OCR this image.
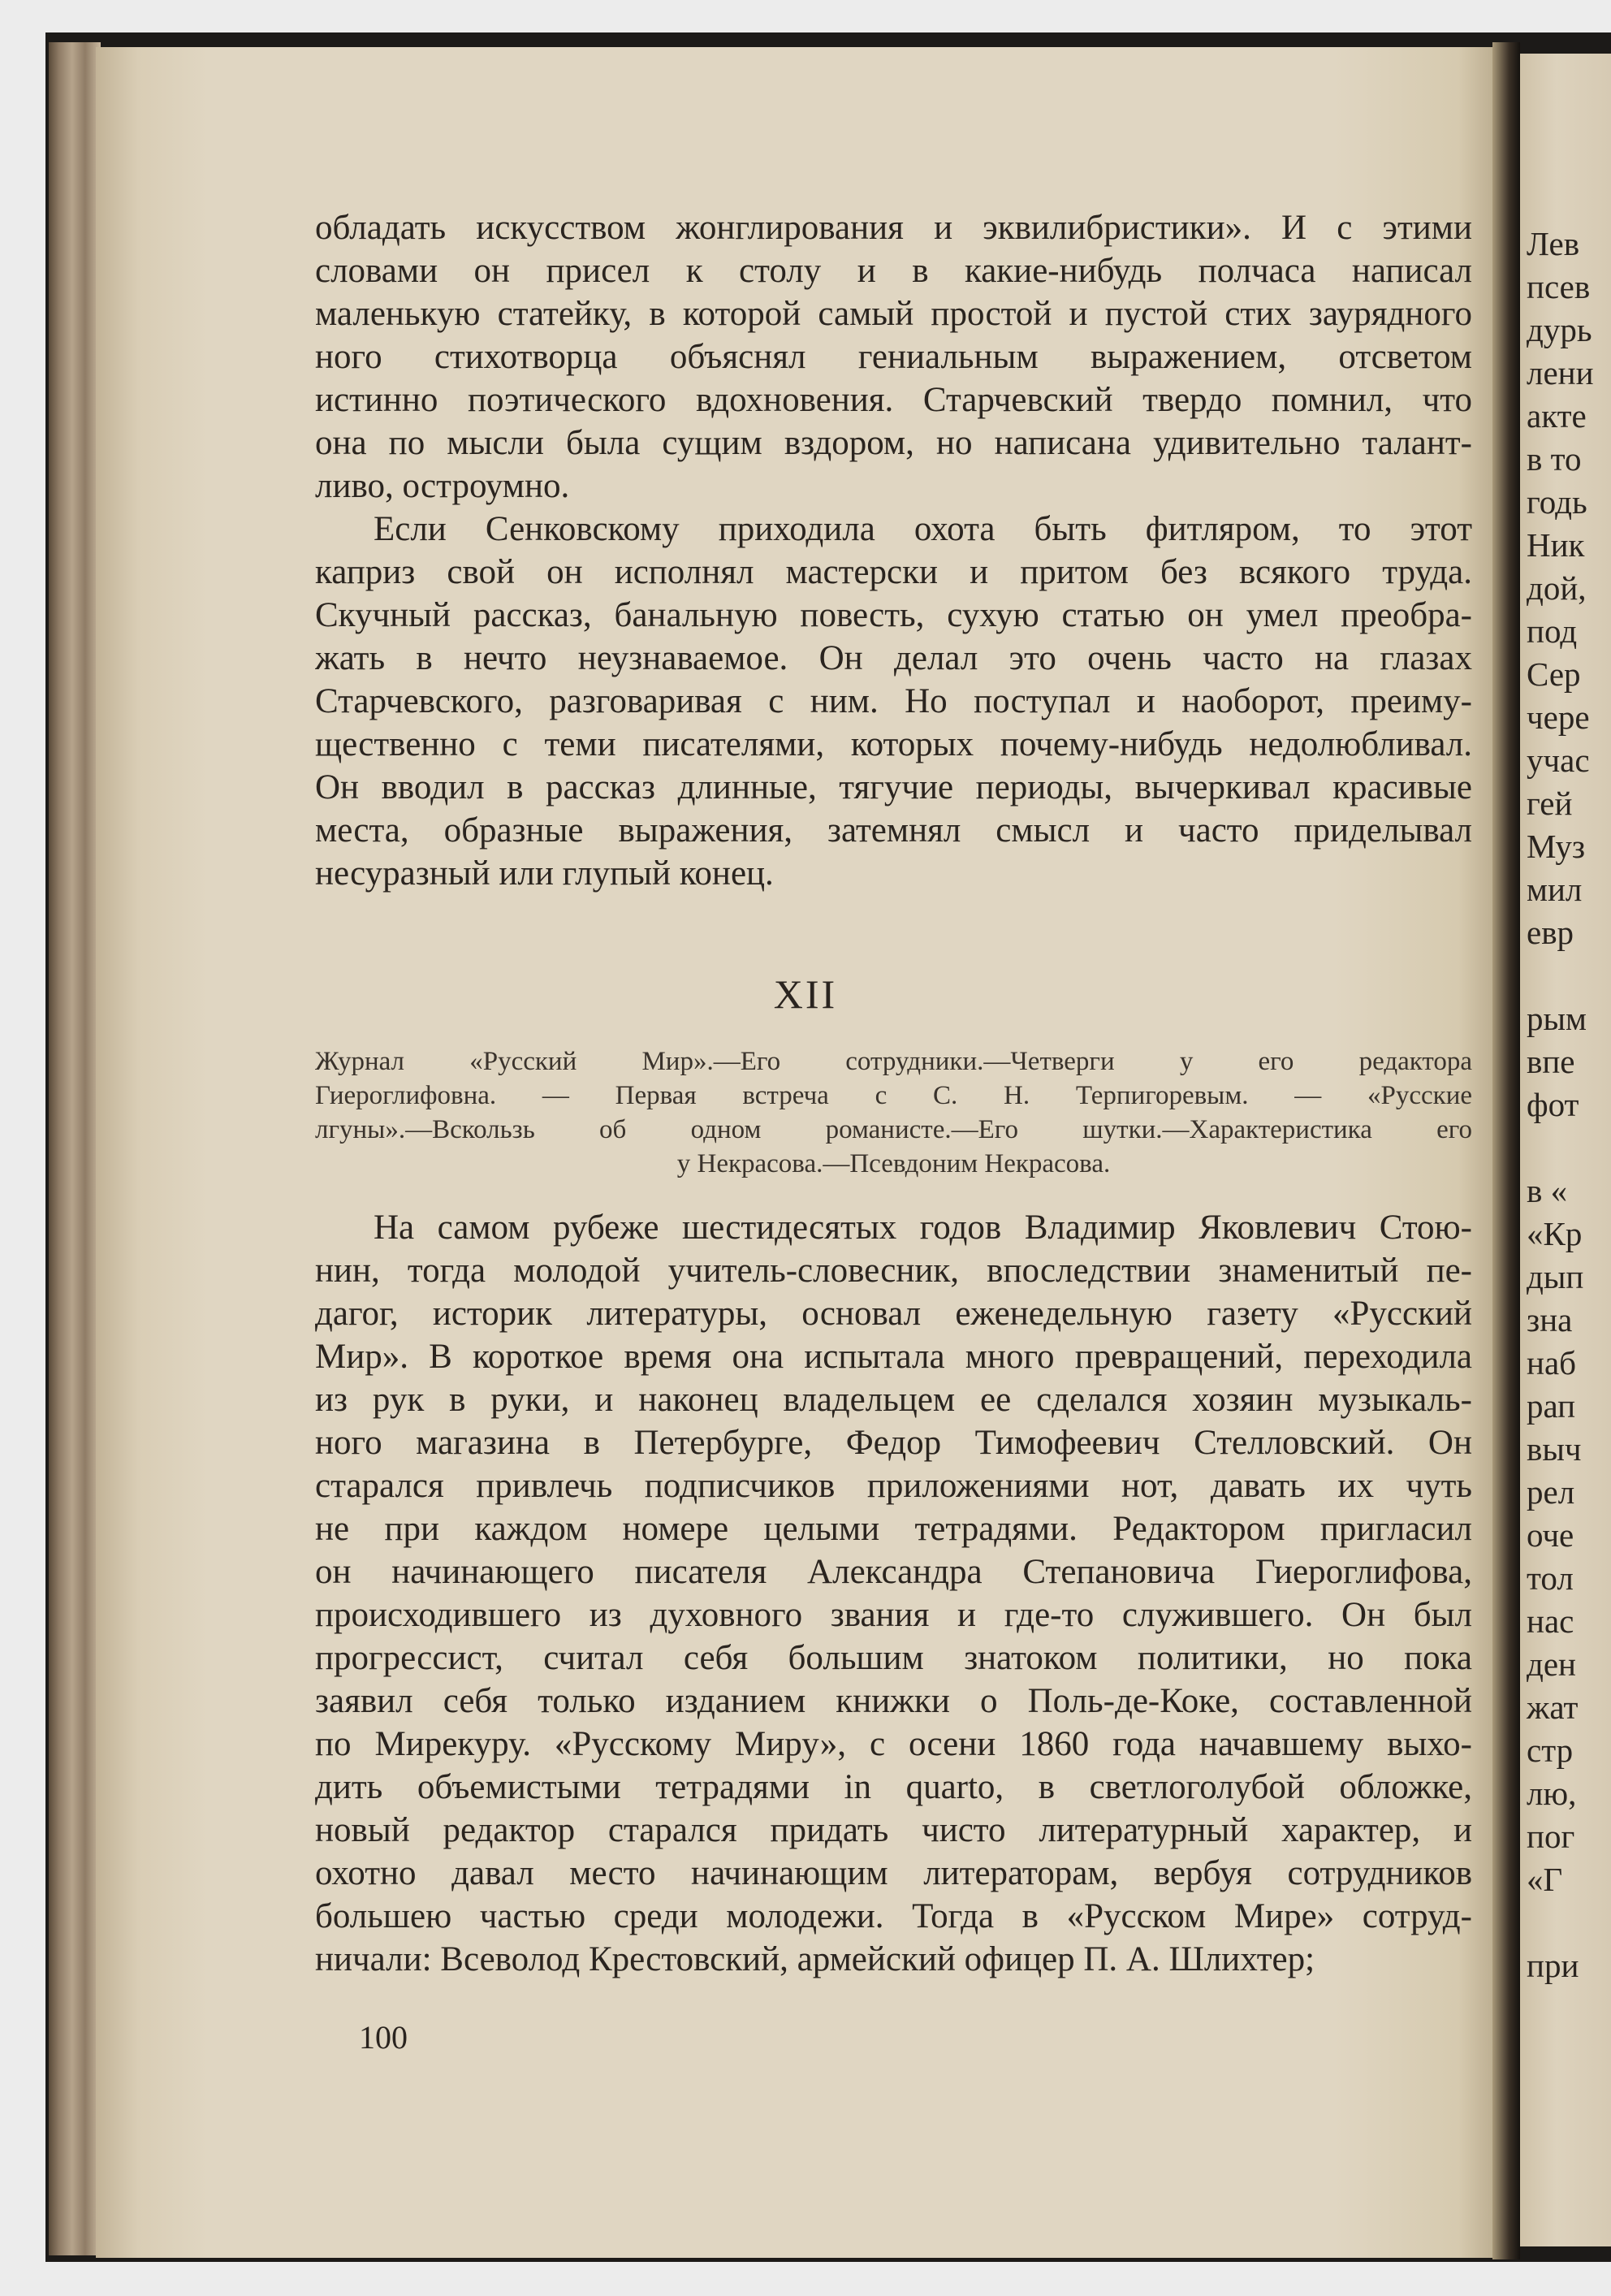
Лев
псев
дурь
лени
акте
в то
годь
Ник
дой,
под
Сер
чере
учас
гей
Муз
мил
евр
рым
впе
фот
в «
«Кр
дып
зна
наб
рап
выч
рел
оче
тол
нас
ден
жат
стр
лю,
пог
«Г
при
обладать искусством жонглирования и эквилибристики». И с этими
словами он присел к столу и в какие-нибудь полчаса написал
маленькую статейку, в которой самый простой и пустой стих заурядного
ного стихотворца объяснял гениальным выражением, отсветом
истинно поэтического вдохновения. Старчевский твердо помнил, что
она по мысли была сущим вздором, но написана удивительно талант-
ливо, остроумно.
Если Сенковскому приходила охота быть фитляром, то этот
каприз свой он исполнял мастерски и притом без всякого труда.
Скучный рассказ, банальную повесть, сухую статью он умел преобра-
жать в нечто неузнаваемое. Он делал это очень часто на глазах
Старчевского, разговаривая с ним. Но поступал и наоборот, преиму-
щественно с теми писателями, которых почему-нибудь недолюбливал.
Он вводил в рассказ длинные, тягучие периоды, вычеркивал красивые
места, образные выражения, затемнял смысл и часто приделывал
несуразный или глупый конец.
XII
Журнал «Русский Мир».—Его сотрудники.—Четверги у его редактора
Гиероглифовна. — Первая встреча с С. Н. Терпигоревым. — «Русские
лгуны».—Вскользь об одном романисте.—Его шутки.—Характеристика его
у Некрасова.—Псевдоним Некрасова.
На самом рубеже шестидесятых годов Владимир Яковлевич Стою-
нин, тогда молодой учитель-словесник, впоследствии знаменитый пе-
дагог, историк литературы, основал еженедельную газету «Русский
Мир». В короткое время она испытала много превращений, переходила
из рук в руки, и наконец владельцем ее сделался хозяин музыкаль-
ного магазина в Петербурге, Федор Тимофеевич Стелловский. Он
старался привлечь подписчиков приложениями нот, давать их чуть
не при каждом номере целыми тетрадями. Редактором пригласил
он начинающего писателя Александра Степановича Гиероглифова,
происходившего из духовного звания и где-то служившего. Он был
прогрессист, считал себя большим знатоком политики, но пока
заявил себя только изданием книжки о Поль-де-Коке, составленной
по Мирекуру. «Русскому Миру», с осени 1860 года начавшему выхо-
дить объемистыми тетрадями in quarto, в светлоголубой обложке,
новый редактор старался придать чисто литературный характер, и
охотно давал место начинающим литераторам, вербуя сотрудников
большею частью среди молодежи. Тогда в «Русском Мире» сотруд-
ничали: Всеволод Крестовский, армейский офицер П. А. Шлихтер;
100
